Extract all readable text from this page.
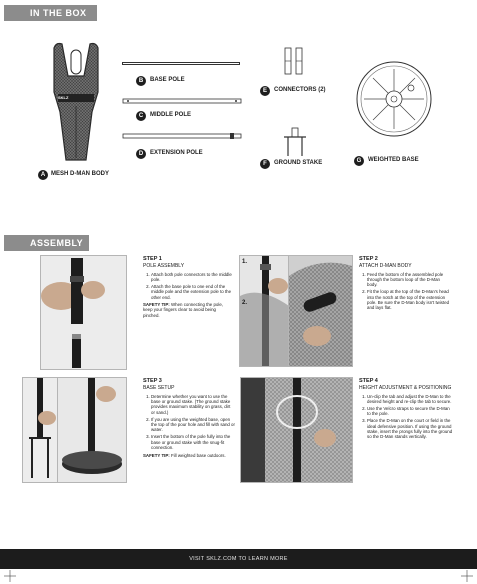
IN THE BOX
SKLZ
A MESH D-MAN BODY
B	BASE POLE
C	MIDDLE POLE
D	EXTENSION POLE
E	CONNECTORS (2)
F	GROUND STAKE	G	WEIGHTED BASE
ASSEMBLY
STEP 1
POLE ASSEMBLY
1. Attach both pole connectors to the middle pole.
2. Attach the base pole to one end of the middle pole and the extension pole to the other end.
SAFETY TIP: When connecting the pole, keep your fingers clear to avoid being pinched.
1.
2.
STEP 2
ATTACH D-MAN BODY
1. Feed the bottom of the assembled pole through the bottom loop of the D-Man body.
2. Fit the loop at the top of the D-Man's head into the notch at the top of the extension pole. Be sure the D-Man body isn't twisted and lays flat.
STEP 3
BASE SETUP
1. Determine whether you want to use the base or ground stake. (The ground stake provides maximum stability on grass, dirt or sand.)
2. If you are using the weighted base, open the top of the pour hole and fill with sand or water.
3. Insert the bottom of the pole fully into the base or ground stake with the snug-fit connection.
SAFETY TIP: Fill weighted base outdoors.
STEP 4
HEIGHT ADJUSTMENT & POSITIONING
1. Un-clip the tab and adjust the D-Man to the desired height and re-clip the tab to secure.
2. Use the Velcro straps to secure the D-Man to the pole.
3. Place the D-Man on the court or field in the ideal defensive position. If using the ground stake, insert the prongs fully into the ground so the D-Man stands vertically.
VISIT SKLZ.COM TO LEARN MORE
